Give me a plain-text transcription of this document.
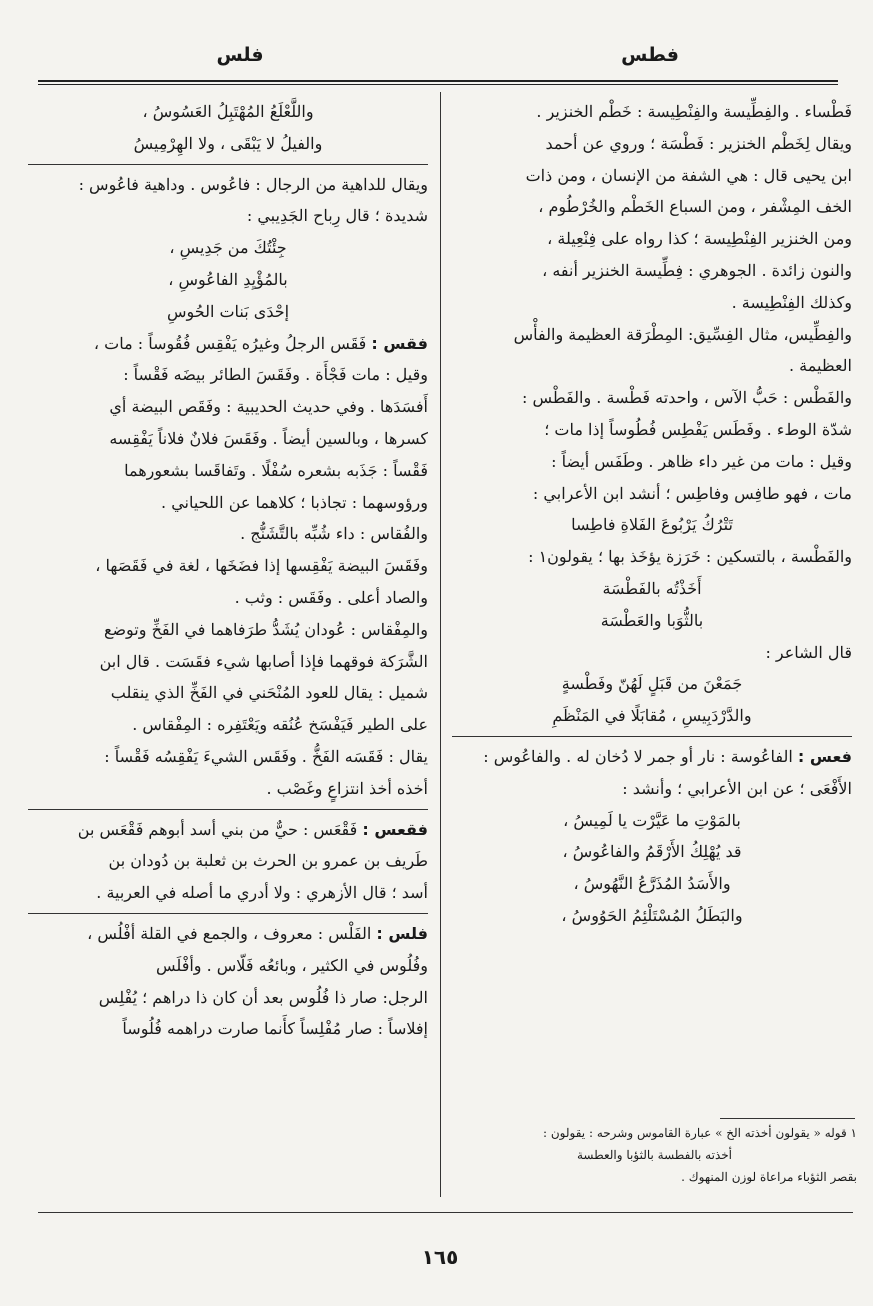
فطس
فلس

فَطْساء . والفِطِّيسة والفِنْطِيسة : خَطْم الخنزير .

ويقال لِخَطْم الخنزير : فَطْسَة ؛ وروي عن أحمد

ابن يحيى قال : هي الشفة من الإنسان ، ومن ذات

الخف المِشْفر ، ومن السباع الخَطْم والخُرْطُوم ،

ومن الخنزير الفِنْطِيسة ؛ كذا رواه على فِنْعِيلة ،

والنون زائدة . الجوهري : فِطِّيسة الخنزير أنفه ،

وكذلك الفِنْطِيسة .

والفِطِّيس، مثال الفِسِّيق: المِطْرَقة العظيمة والفأْس

العظيمة .

والفَطْس : حَبُّ الآس ، واحدته فَطْسة . والفَطْس :

شدّة الوطء . وفَطَس يَفْطِس فُطُوساً إذا مات ؛

وقيل : مات من غير داء ظاهر . وطَفَس أيضاً :

مات ، فهو طافِس وفاطِس ؛ أنشد ابن الأعرابي :

تَتْرُكُ يَرْبُوعَ الفَلاةِ فاطِسا

والفَطْسة ، بالتسكين : خَرَزة يؤخَذ بها ؛ يقولون١ :

أَخَذْتُه بالفَطْسَة

بالثُّوَبا والعَطْسَة

قال الشاعر :

جَمَعْنَ من قَبَلٍ لَهُنّ وفَطْسةٍ

والدَّرْدَبِيسِ ، مُقابَلًا في المَنْظَمِ

فعس : الفاعُوسة : نار أو جمر لا دُخان له . والفاعُوس :

الأَفْعَى ؛ عن ابن الأعرابي ؛ وأنشد :

بالمَوْتِ ما عَيَّرْت يا لَمِيسُ ،

قد يُهْلِكُ الأَرْقَمُ والفاعُوسُ ،

والأَسَدُ المُذَرَّعُ النَّهُوسُ ،

والبَطَلُ المُسْتَلْئِمُ الحَوُوسُ ،

١ قوله « يقولون أخذته الخ » عبارة القاموس وشرحه : يقولون :
أخذته بالفطسة بالثؤبا والعطسة
بقصر الثؤباء مراعاة لوزن المنهوك .

واللَّعْلَعُ المُهْتَبِلُ العَسُوسُ ،

والفيلُ لا يَبْقَى ، ولا الهِرْمِيسُ

ويقال للداهية من الرجال : فاعُوس . وداهية فاعُوس :

شديدة ؛ قال رِباح الجَدِيبي :

جِئْتُكَ من جَدِيسِ ،

بالمُؤْيِدِ الفاعُوسِ ،

إحْدَى بَنات الحُوسِ

فقس : فَقَس الرجلُ وغيرُه يَفْقِس فُقُوساً : مات ،

وقيل : مات فَجْأَة . وفَقَسَ الطائر بيضَه فَقْساً :

أَفسَدَها . وفي حديث الحديبية : وفَقَص البيضة أي

كسرها ، وبالسين أيضاً . وفَقَسَ فلانٌ فلاناً يَفْقِسه

فَقْساً : جَذَبه بشعره سُفْلًا . وتَفاقَسا بشعورهما

ورؤوسهما : تجاذبا ؛ كلاهما عن اللحياني .

والفُقاس : داء شُبِّه بالتَّشَنُّج .

وفَقَسَ البيضة يَفْقِسها إذا فضَخَها ، لغة في فَقَصَها ،

والصاد أعلى . وفَقَس : وثب .

والمِفْقاس : عُودان يُشَدُّ طرَفاهما في الفَخِّ وتوضع

الشَّرَكة فوقهما فإذا أصابها شيء فقَسَت . قال ابن

شميل : يقال للعود المُنْحَني في الفَخِّ الذي ينقلب

على الطير فَيَفْسَخ عُنُقه ويَعْتَفِره : المِفْقاس .

يقال : فَقَسَه الفَخُّ . وفَقَس الشيءَ يَفْقِسُه فَقْساً :

أخذه أخذ انتزاعٍ وغَصْب .

فقعس : فَقْعَس : حيٌّ من بني أسد أبوهم فَقْعَس بن

طَريف بن عمرو بن الحرث بن ثعلبة بن دُودان بن

أسد ؛ قال الأزهري : ولا أدري ما أصله في العربية .

فلس : الفَلْس : معروف ، والجمع في القلة أفْلُس ،

وفُلُوس في الكثير ، وبائعُه فَلّاس . وأفْلَس

الرجل: صار ذا فُلُوس بعد أن كان ذا دراهم ؛ يُفْلِس

إفلاساً : صار مُفْلِساً كأَنما صارت دراهمه فُلُوساً

١٦٥
